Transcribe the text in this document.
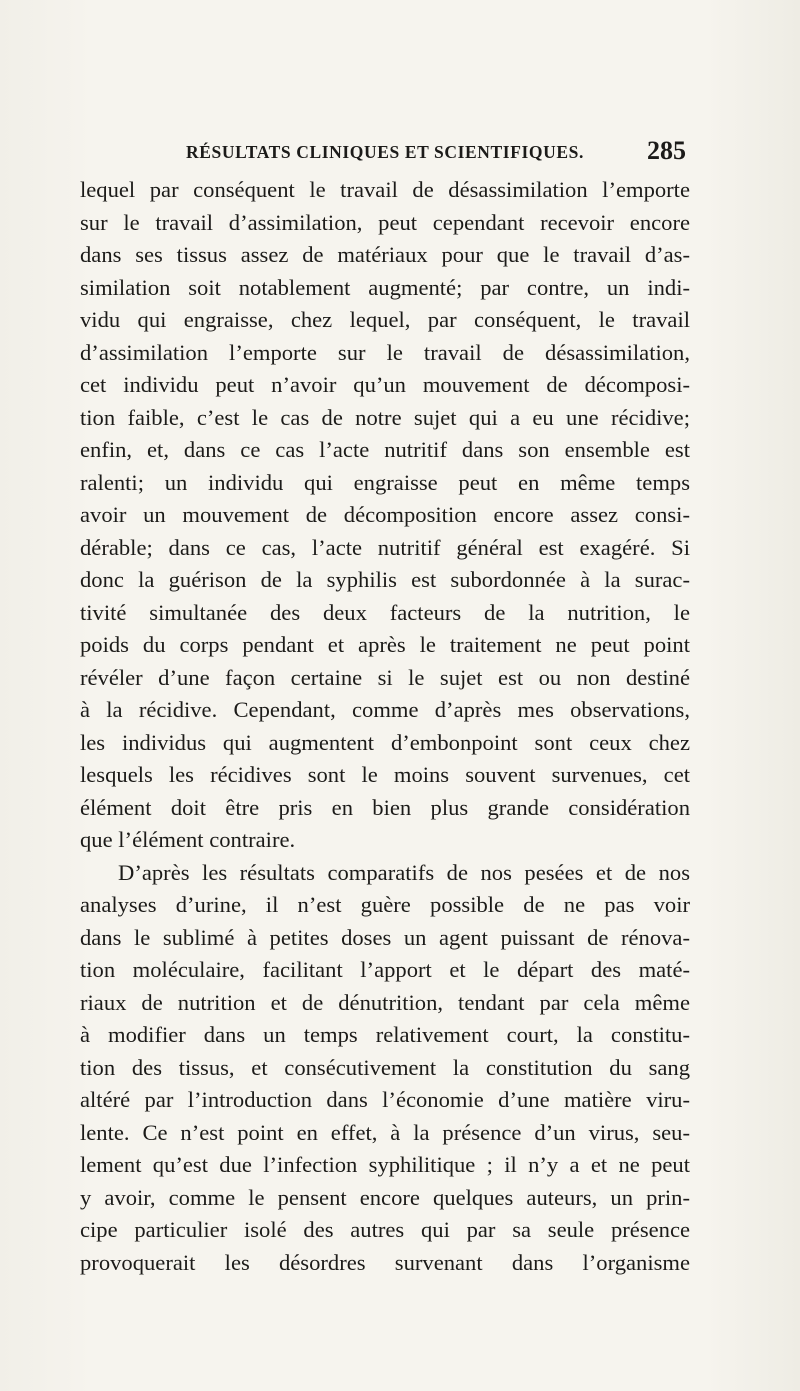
RÉSULTATS CLINIQUES ET SCIENTIFIQUES. 285
lequel par conséquent le travail de désassimilation l’emporte
sur le travail d’assimilation, peut cependant recevoir encore
dans ses tissus assez de matériaux pour que le travail d’as-
similation soit notablement augmenté; par contre, un indi-
vidu qui engraisse, chez lequel, par conséquent, le travail
d’assimilation l’emporte sur le travail de désassimilation,
cet individu peut n’avoir qu’un mouvement de décomposi-
tion faible, c’est le cas de notre sujet qui a eu une récidive;
enfin, et, dans ce cas l’acte nutritif dans son ensemble est
ralenti; un individu qui engraisse peut en même temps
avoir un mouvement de décomposition encore assez consi-
dérable; dans ce cas, l’acte nutritif général est exagéré. Si
donc la guérison de la syphilis est subordonnée à la surac-
tivité simultanée des deux facteurs de la nutrition, le
poids du corps pendant et après le traitement ne peut point
révéler d’une façon certaine si le sujet est ou non destiné
à la récidive. Cependant, comme d’après mes observations,
les individus qui augmentent d’embonpoint sont ceux chez
lesquels les récidives sont le moins souvent survenues, cet
élément doit être pris en bien plus grande considération
que l’élément contraire.
D’après les résultats comparatifs de nos pesées et de nos
analyses d’urine, il n’est guère possible de ne pas voir
dans le sublimé à petites doses un agent puissant de rénova-
tion moléculaire, facilitant l’apport et le départ des maté-
riaux de nutrition et de dénutrition, tendant par cela même
à modifier dans un temps relativement court, la constitu-
tion des tissus, et consécutivement la constitution du sang
altéré par l’introduction dans l’économie d’une matière viru-
lente. Ce n’est point en effet, à la présence d’un virus, seu-
lement qu’est due l’infection syphilitique ; il n’y a et ne peut
y avoir, comme le pensent encore quelques auteurs, un prin-
cipe particulier isolé des autres qui par sa seule présence
provoquerait les désordres survenant dans l’organisme
